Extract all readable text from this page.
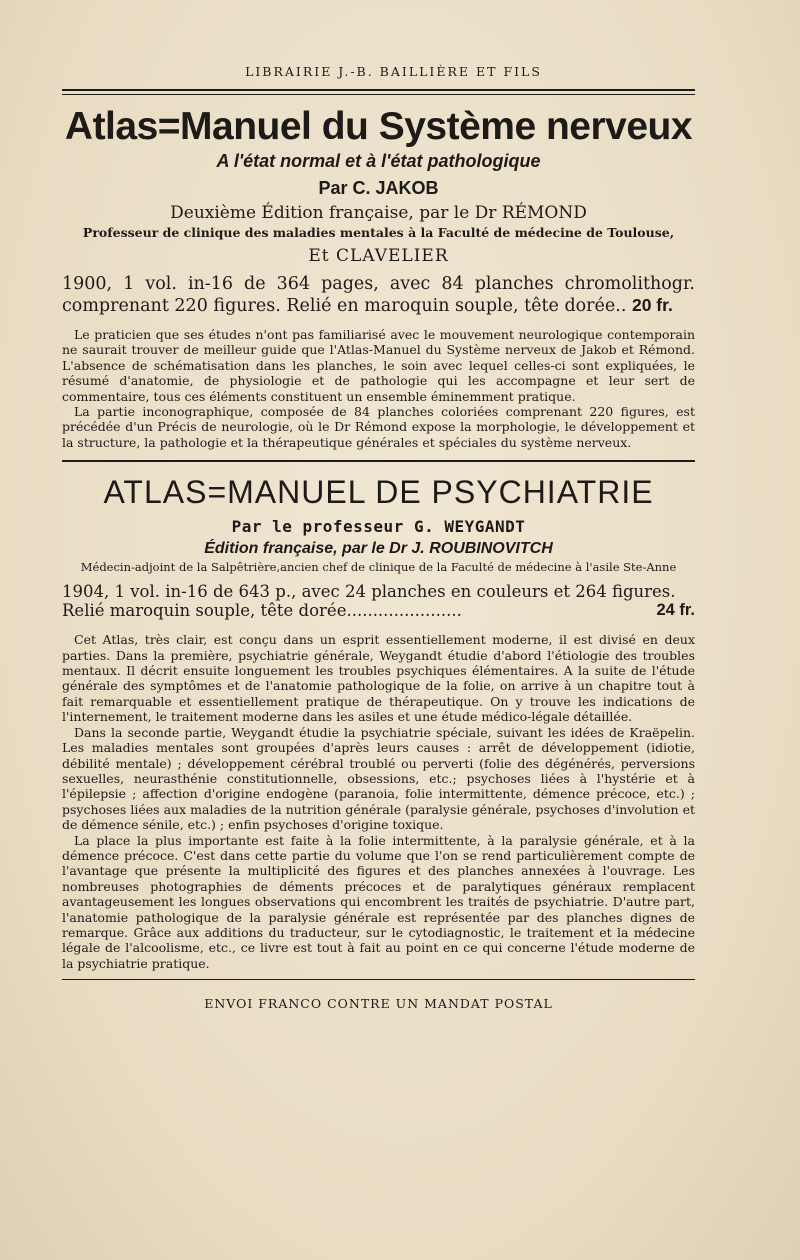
LIBRAIRIE J.-B. BAILLIÈRE ET FILS
Atlas=Manuel du Système nerveux
A l'état normal et à l'état pathologique
Par C. JAKOB
Deuxième Édition française, par le Dr RÉMOND
Professeur de clinique des maladies mentales à la Faculté de médecine de Toulouse,
Et CLAVELIER
1900, 1 vol. in-16 de 364 pages, avec 84 planches chromolithogr. comprenant 220 figures. Relié en maroquin souple, tête dorée.. 20 fr.

Le praticien que ses études n'ont pas familiarisé avec le mouvement neurologique contemporain ne saurait trouver de meilleur guide que l'Atlas-Manuel du Système nerveux de Jakob et Rémond. L'absence de schématisation dans les planches, le soin avec lequel celles-ci sont expliquées, le résumé d'anatomie, de physiologie et de pathologie qui les accompagne et leur sert de commentaire, tous ces éléments constituent un ensemble éminemment pratique.

La partie inconographique, composée de 84 planches coloriées comprenant 220 figures, est précédée d'un Précis de neurologie, où le Dr Rémond expose la morphologie, le développement et la structure, la pathologie et la thérapeutique générales et spéciales du système nerveux.

ATLAS=MANUEL DE PSYCHIATRIE
Par le professeur G. WEYGANDT
Édition française, par le Dr J. ROUBINOVITCH
Médecin-adjoint de la Salpêtrière,ancien chef de clinique de la Faculté de médecine à l'asile Ste-Anne
1904, 1 vol. in-16 de 643 p., avec 24 planches en couleurs et 264 figures.
Relié maroquin souple, tête dorée......................	24 fr.

Cet Atlas, très clair, est conçu dans un esprit essentiellement moderne, il est divisé en deux parties. Dans la première, psychiatrie générale, Weygandt étudie d'abord l'étiologie des troubles mentaux. Il décrit ensuite longuement les troubles psychiques élémentaires. A la suite de l'étude générale des symptômes et de l'anatomie pathologique de la folie, on arrive à un chapitre tout à fait remarquable et essentiellement pratique de thérapeutique. On y trouve les indications de l'internement, le traitement moderne dans les asiles et une étude médico-légale détaillée.

Dans la seconde partie, Weygandt étudie la psychiatrie spéciale, suivant les idées de Kraëpelin. Les maladies mentales sont groupées d'après leurs causes : arrêt de développement (idiotie, débilité mentale) ; développement cérébral troublé ou perverti (folie des dégénérés, perversions sexuelles, neurasthénie constitutionnelle, obsessions, etc.; psychoses liées à l'hystérie et à l'épilepsie ; affection d'origine endogène (paranoia, folie intermittente, démence précoce, etc.) ; psychoses liées aux maladies de la nutrition générale (paralysie générale, psychoses d'involution et de démence sénile, etc.) ; enfin psychoses d'origine toxique.

La place la plus importante est faite à la folie intermittente, à la paralysie générale, et à la démence précoce. C'est dans cette partie du volume que l'on se rend particulièrement compte de l'avantage que présente la multiplicité des figures et des planches annexées à l'ouvrage. Les nombreuses photographies de déments précoces et de paralytiques généraux remplacent avantageusement les longues observations qui encombrent les traités de psychiatrie. D'autre part, l'anatomie pathologique de la paralysie générale est représentée par des planches dignes de remarque. Grâce aux additions du traducteur, sur le cytodiagnostic, le traitement et la médecine légale de l'alcoolisme, etc., ce livre est tout à fait au point en ce qui concerne l'étude moderne de la psychiatrie pratique.

ENVOI FRANCO CONTRE UN MANDAT POSTAL
